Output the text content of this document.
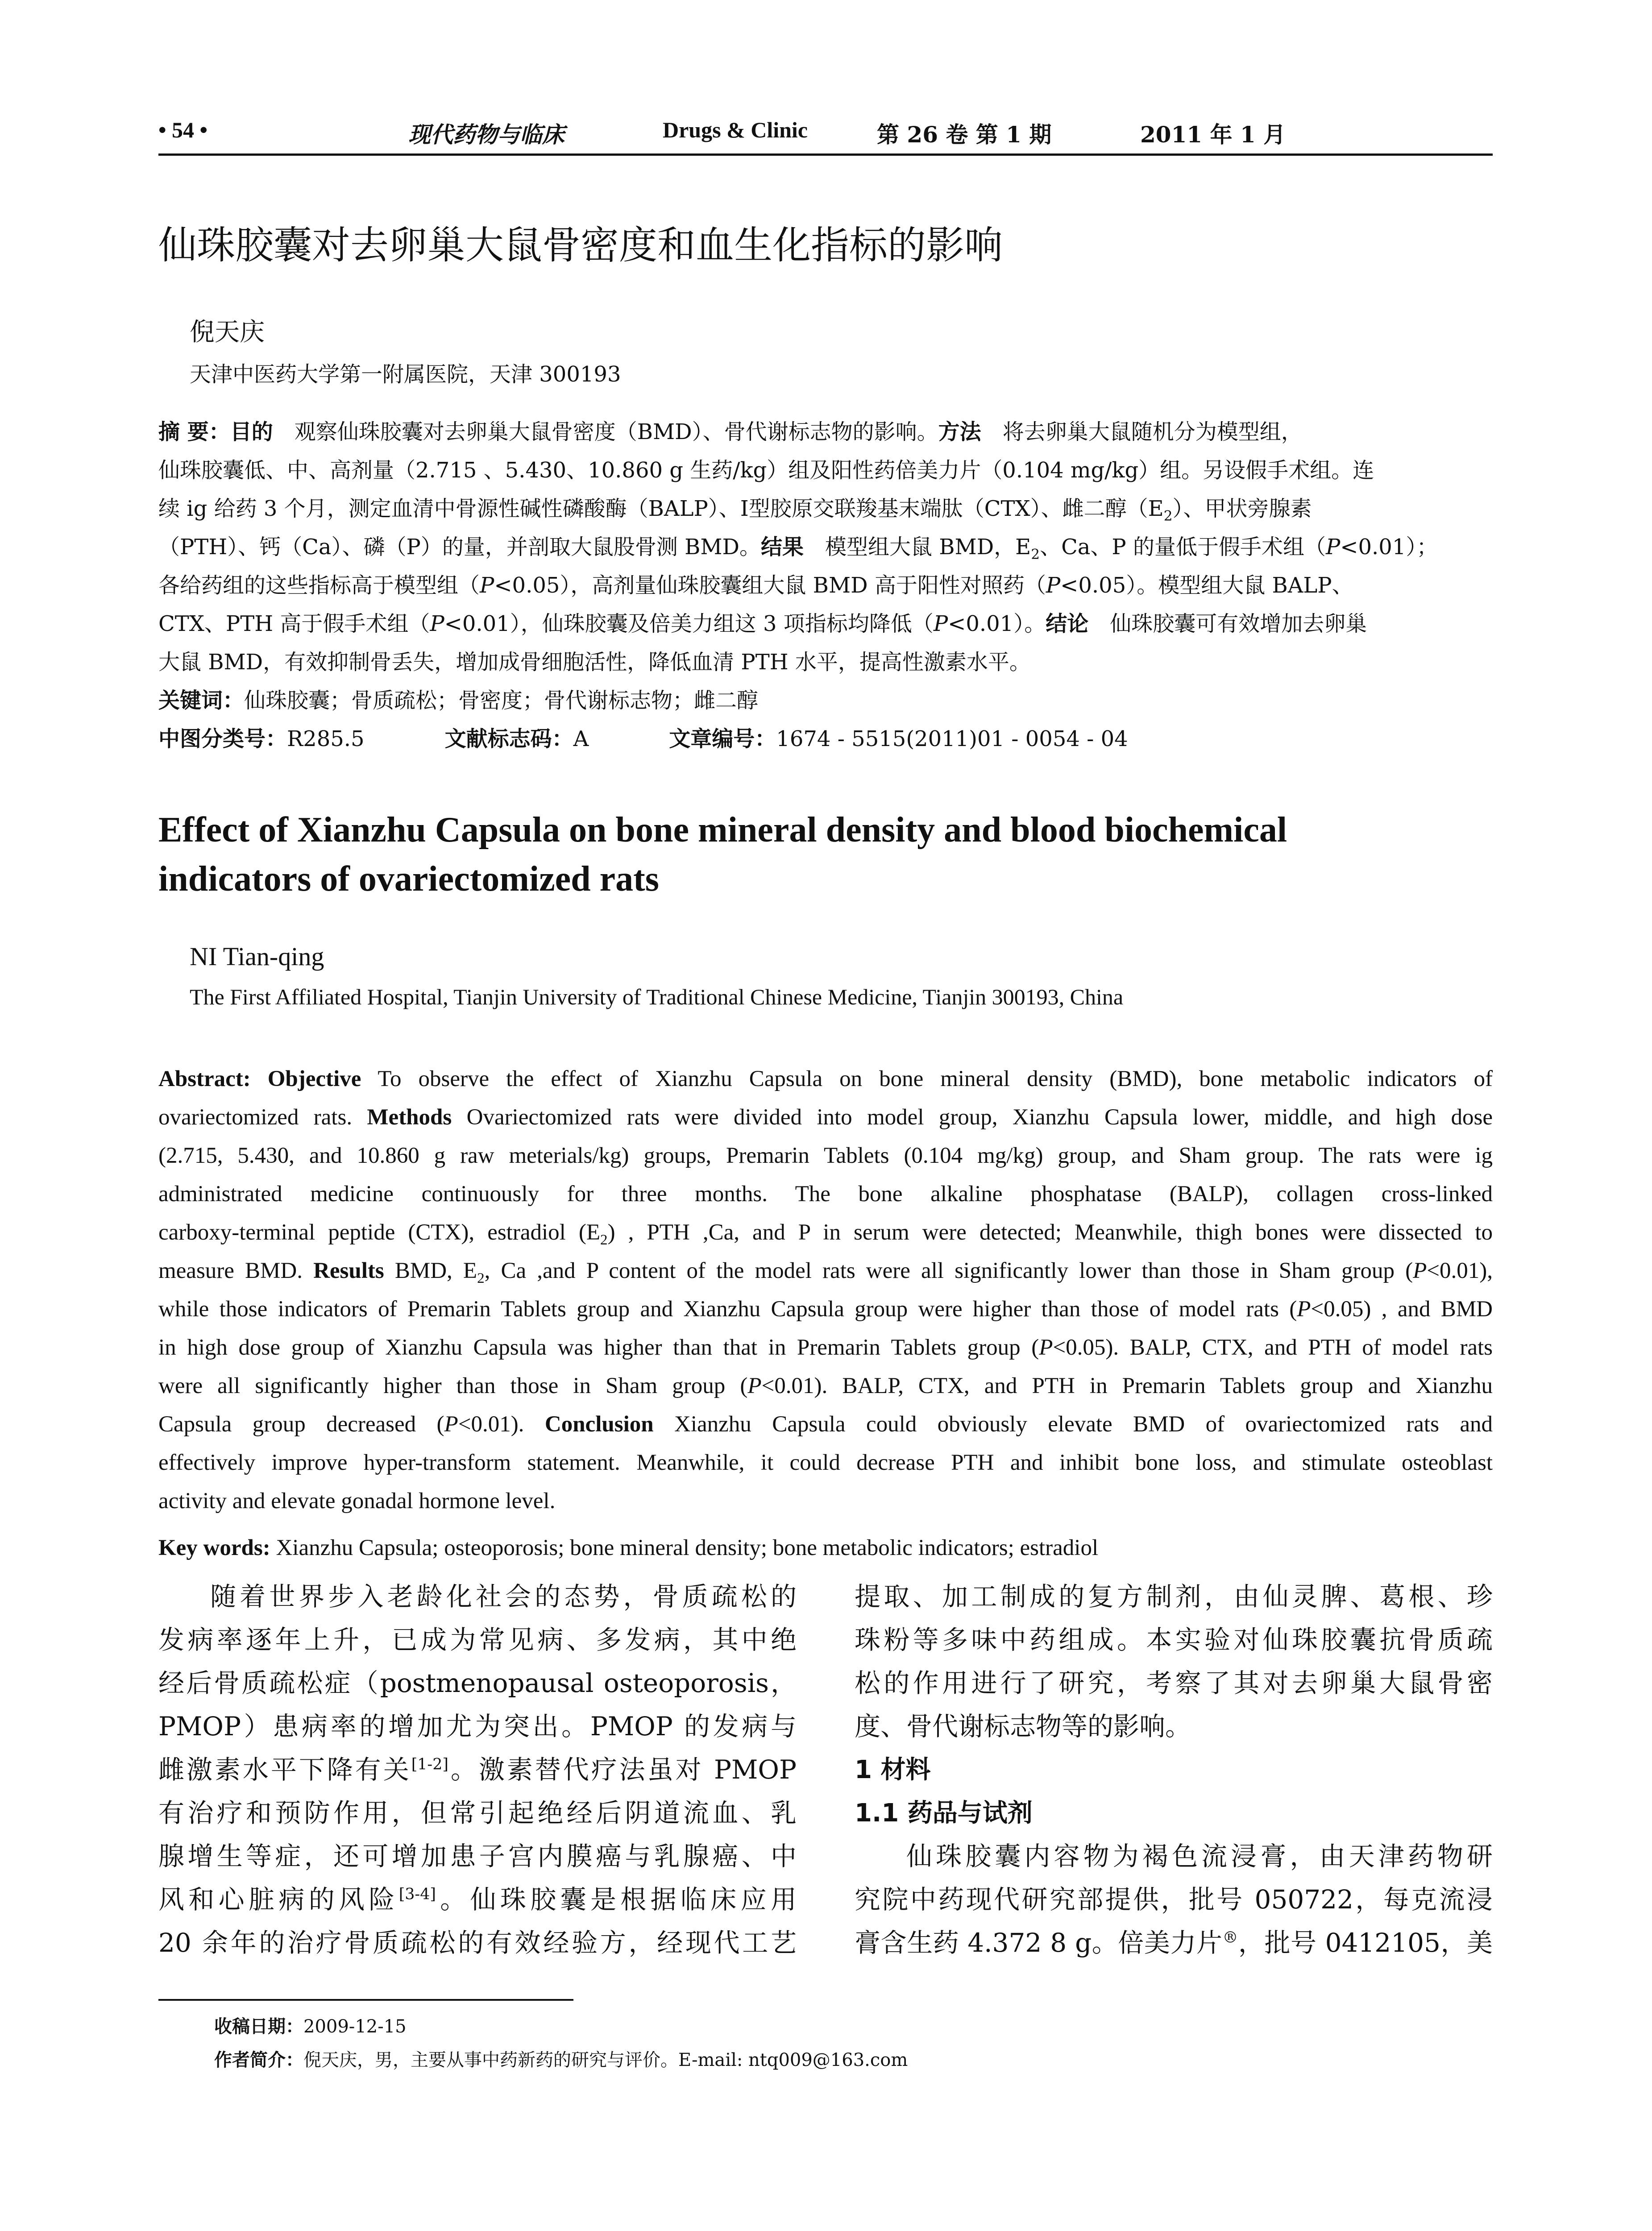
• 54 •	现代药物与临床	Drugs & Clinic	第 26 卷 第 1 期	2011 年 1 月
仙珠胶囊对去卵巢大鼠骨密度和血生化指标的影响
倪天庆
天津中医药大学第一附属医院，天津 300193
摘 要：目的　 观察仙珠胶囊对去卵巢大鼠骨密度（BMD）、骨代谢标志物的影响。方法　 将去卵巢大鼠随机分为模型组，
仙珠胶囊低、中、高剂量（2.715 、5.430、10.860 g 生药/kg）组及阳性药倍美力片（0.104 mg/kg）组。另设假手术组。连
续 ig 给药 3 个月，测定血清中骨源性碱性磷酸酶（BALP）、Ⅰ型胶原交联羧基末端肽（CTX）、雌二醇$(E_2)$、甲状旁腺素
（PTH）、钙（Ca）、磷（P）的量，并剖取大鼠股骨测 BMD。结果　 模型组大鼠 BMD，$E_2$、Ca、P 的量低于假手术组（P<0.01）；
各给药组的这些指标高于模型组（P<0.05），高剂量仙珠胶囊组大鼠 BMD 高于阳性对照药（P<0.05）。模型组大鼠 BALP、
CTX、PTH 高于假手术组（P<0.01），仙珠胶囊及倍美力组这 3 项指标均降低（P<0.01）。结论　 仙珠胶囊可有效增加去卵巢
大鼠 BMD，有效抑制骨丢失，增加成骨细胞活性，降低血清 PTH 水平，提高性激素水平。
关键词：仙珠胶囊；骨质疏松；骨密度；骨代谢标志物；雌二醇
中图分类号：R285.5	文献标志码：A	文章编号：1674 - 5515(2011)01 - 0054 - 04
Effect of Xianzhu Capsula on bone mineral density and blood biochemical
indicators of ovariectomized rats
NI Tian-qing
The First Affiliated Hospital, Tianjin University of Traditional Chinese Medicine, Tianjin 300193, China
Abstract: Objective To observe the effect of Xianzhu Capsula on bone mineral density (BMD), bone metabolic indicators of
ovariectomized rats. Methods Ovariectomized rats were divided into model group, Xianzhu Capsula lower, middle, and high dose
(2.715, 5.430, and 10.860 g raw meterials/kg) groups, Premarin Tablets (0.104 mg/kg) group, and Sham group. The rats were ig
administrated medicine continuously for three months. The bone alkaline phosphatase (BALP), collagen cross-linked
carboxy-terminal peptide (CTX), estradiol $(E_2)$ , PTH ,Ca, and P in serum were detected; Meanwhile, thigh bones were dissected to
measure BMD. Results BMD, $E_2$, Ca ,and P content of the model rats were all significantly lower than those in Sham group (P<0.01),
while those indicators of Premarin Tablets group and Xianzhu Capsula group were higher than those of model rats (P<0.05) , and BMD
in high dose group of Xianzhu Capsula was higher than that in Premarin Tablets group (P<0.05). BALP, CTX, and PTH of model rats
were all significantly higher than those in Sham group (P<0.01). BALP, CTX, and PTH in Premarin Tablets group and Xianzhu
Capsula group decreased (P<0.01). Conclusion Xianzhu Capsula could obviously elevate BMD of ovariectomized rats and
effectively improve hyper-transform statement. Meanwhile, it could decrease PTH and inhibit bone loss, and stimulate osteoblast
activity and elevate gonadal hormone level.
Key words: Xianzhu Capsula; osteoporosis; bone mineral density; bone metabolic indicators; estradiol
随着世界步入老龄化社会的态势，骨质疏松的
发病率逐年上升，已成为常见病、多发病，其中绝
经后骨质疏松症（postmenopausal osteoporosis，
PMOP）患病率的增加尤为突出。PMOP 的发病与
雌激素水平下降有关[1-2]。激素替代疗法虽对 PMOP
有治疗和预防作用，但常引起绝经后阴道流血、乳
腺增生等症，还可增加患子宫内膜癌与乳腺癌、中
风和心脏病的风险[3-4]。仙珠胶囊是根据临床应用
20 余年的治疗骨质疏松的有效经验方，经现代工艺
提取、加工制成的复方制剂，由仙灵脾、葛根、珍
珠粉等多味中药组成。本实验对仙珠胶囊抗骨质疏
松的作用进行了研究，考察了其对去卵巢大鼠骨密
度、骨代谢标志物等的影响。
1 材料
1.1 药品与试剂
仙珠胶囊内容物为褐色流浸膏，由天津药物研
究院中药现代研究部提供，批号 050722，每克流浸
膏含生药 4.372 8 g。倍美力片®，批号 0412105，美
收稿日期：2009-12-15
作者简介：倪天庆，男，主要从事中药新药的研究与评价。E-mail: ntq009@163.com
